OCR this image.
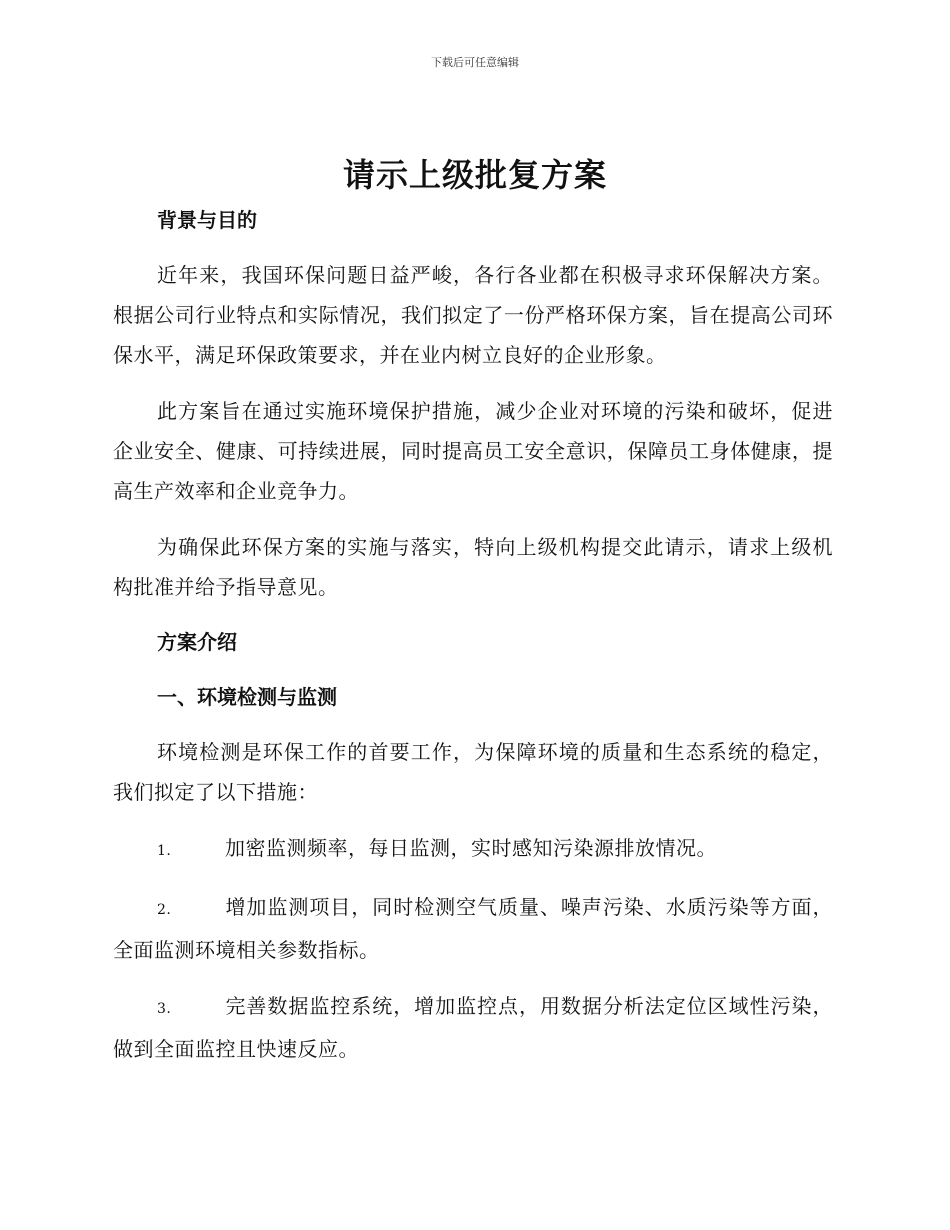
下载后可任意编辑
请示上级批复方案
背景与目的

近年来，我国环保问题日益严峻，各行各业都在积极寻求环保解决方案。根据公司行业特点和实际情况，我们拟定了一份严格环保方案，旨在提高公司环保水平，满足环保政策要求，并在业内树立良好的企业形象。

此方案旨在通过实施环境保护措施，减少企业对环境的污染和破坏，促进企业安全、健康、可持续进展，同时提高员工安全意识，保障员工身体健康，提高生产效率和企业竞争力。

为确保此环保方案的实施与落实，特向上级机构提交此请示，请求上级机构批准并给予指导意见。

方案介绍
一、环境检测与监测

环境检测是环保工作的首要工作，为保障环境的质量和生态系统的稳定，我们拟定了以下措施：

1.	加密监测频率，每日监测，实时感知污染源排放情况。

2.	增加监测项目，同时检测空气质量、噪声污染、水质污染等方面，全面监测环境相关参数指标。

3.	完善数据监控系统，增加监控点，用数据分析法定位区域性污染，做到全面监控且快速反应。
